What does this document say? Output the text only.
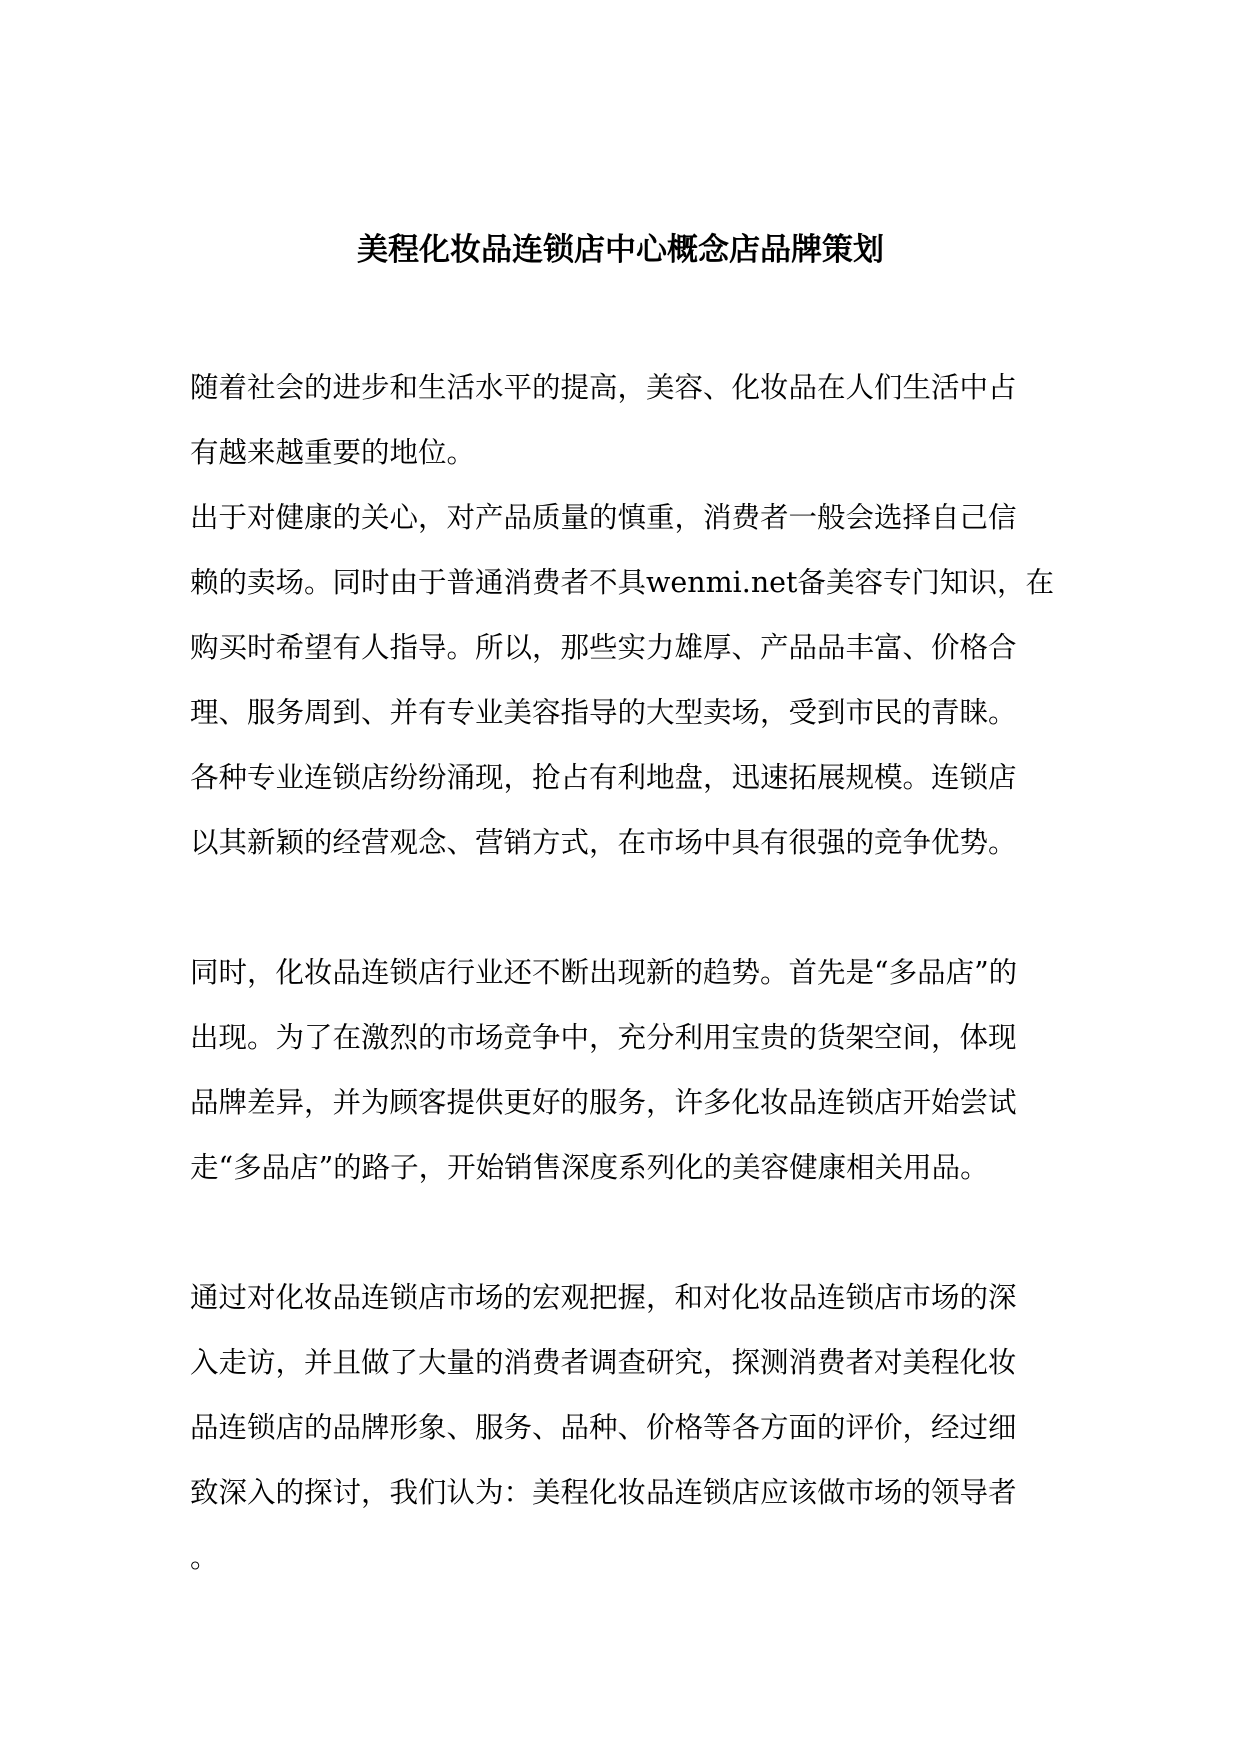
美程化妆品连锁店中心概念店品牌策划
随着社会的进步和生活水平的提高，美容、化妆品在人们生活中占
有越来越重要的地位。
出于对健康的关心，对产品质量的慎重，消费者一般会选择自己信
赖的卖场。同时由于普通消费者不具wenmi.net备美容专门知识，在
购买时希望有人指导。所以，那些实力雄厚、产品品丰富、价格合
理、服务周到、并有专业美容指导的大型卖场，受到市民的青睐。
各种专业连锁店纷纷涌现，抢占有利地盘，迅速拓展规模。连锁店
以其新颖的经营观念、营销方式，在市场中具有很强的竞争优势。
同时，化妆品连锁店行业还不断出现新的趋势。首先是“多品店”的
出现。为了在激烈的市场竞争中，充分利用宝贵的货架空间，体现
品牌差异，并为顾客提供更好的服务，许多化妆品连锁店开始尝试
走“多品店”的路子，开始销售深度系列化的美容健康相关用品。
通过对化妆品连锁店市场的宏观把握，和对化妆品连锁店市场的深
入走访，并且做了大量的消费者调查研究，探测消费者对美程化妆
品连锁店的品牌形象、服务、品种、价格等各方面的评价，经过细
致深入的探讨，我们认为：美程化妆品连锁店应该做市场的领导者
。
